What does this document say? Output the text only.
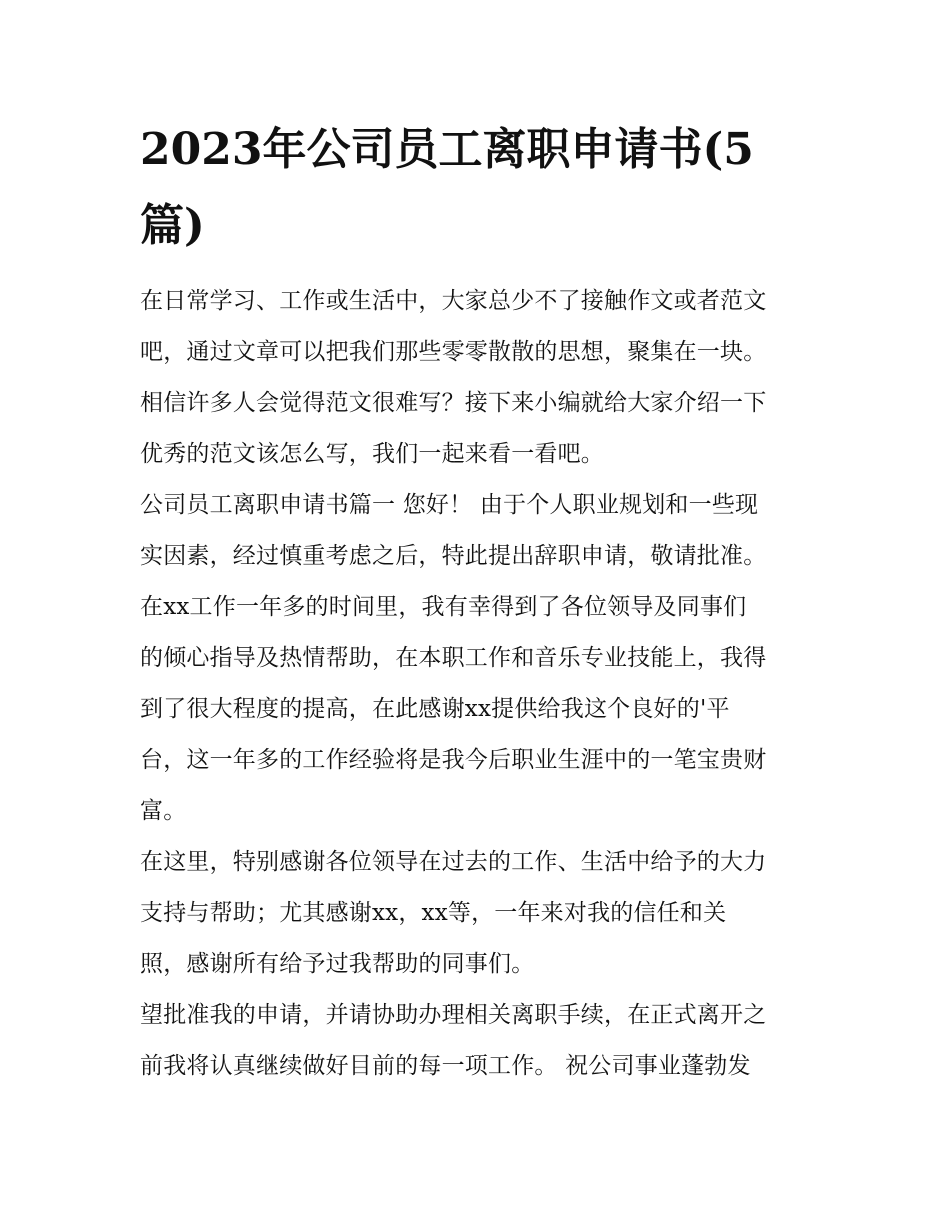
2023年公司员工离职申请书(5
篇)
在日常学习、工作或生活中，大家总少不了接触作文或者范文
吧，通过文章可以把我们那些零零散散的思想，聚集在一块。
相信许多人会觉得范文很难写？接下来小编就给大家介绍一下
优秀的范文该怎么写，我们一起来看一看吧。
公司员工离职申请书篇一 您好！ 由于个人职业规划和一些现
实因素，经过慎重考虑之后，特此提出辞职申请，敬请批准。
在xx工作一年多的时间里，我有幸得到了各位领导及同事们
的倾心指导及热情帮助，在本职工作和音乐专业技能上，我得
到了很大程度的提高，在此感谢xx提供给我这个良好的'平
台，这一年多的工作经验将是我今后职业生涯中的一笔宝贵财
富。
在这里，特别感谢各位领导在过去的工作、生活中给予的大力
支持与帮助；尤其感谢xx，xx等，一年来对我的信任和关
照，感谢所有给予过我帮助的同事们。
望批准我的申请，并请协助办理相关离职手续，在正式离开之
前我将认真继续做好目前的每一项工作。 祝公司事业蓬勃发
